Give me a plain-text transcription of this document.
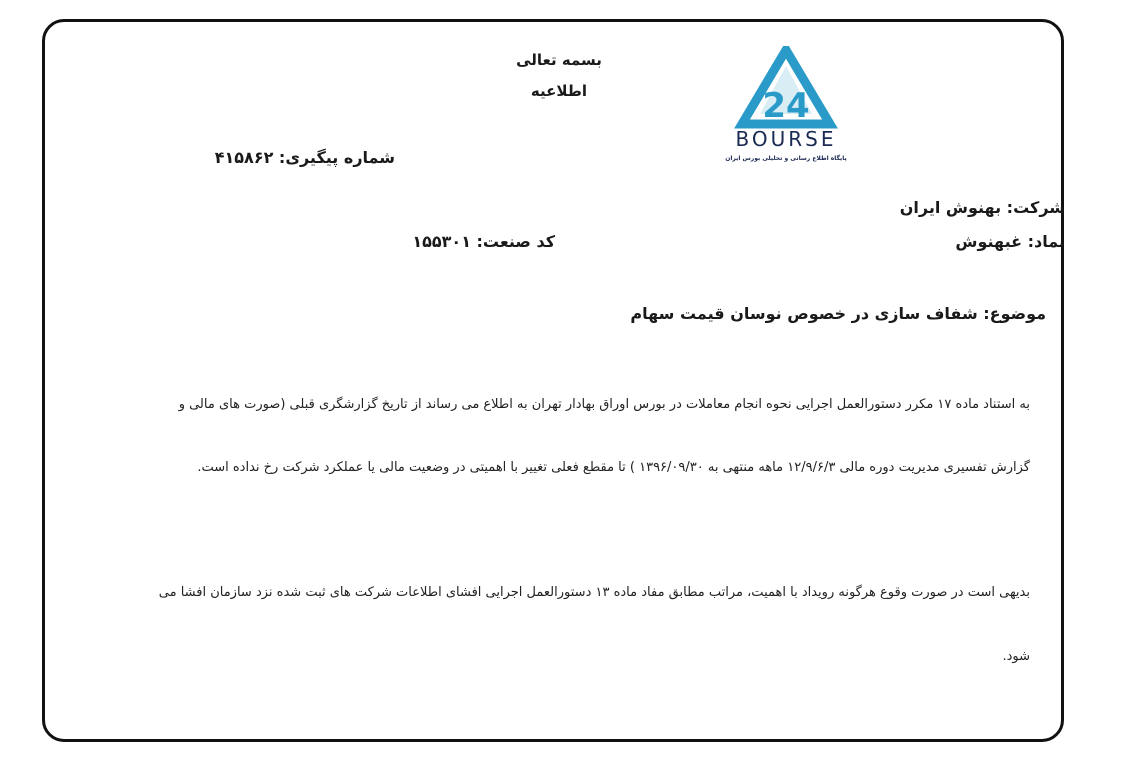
بسمه تعالی
اطلاعیه	24
BOURSE
پایگاه اطلاع رسانی و تحلیلی بورس ایران
شماره پیگیری: ۴۱۵۸۶۲
شرکت: بهنوش ایران
نماد: غبهنوش
کد صنعت: ۱۵۵۳۰۱
موضوع: شفاف سازی در خصوص نوسان قیمت سهام
به استناد ماده ۱۷ مکرر دستورالعمل اجرایی نحوه انجام معاملات در بورس اوراق بهادار تهران به اطلاع می رساند از تاریخ گزارشگری قبلی (صورت های مالی و
گزارش تفسیری مدیریت دوره مالی ۱۲/۹/۶/۳ ماهه منتهی به ۱۳۹۶/۰۹/۳۰ ) تا مقطع فعلی تغییر با اهمیتی در وضعیت مالی یا عملکرد شرکت رخ نداده است.
بدیهی است در صورت وقوع هرگونه رویداد با اهمیت، مراتب مطابق مفاد ماده ۱۳ دستورالعمل اجرایی افشای اطلاعات شرکت های ثبت شده نزد سازمان افشا می
شود.
